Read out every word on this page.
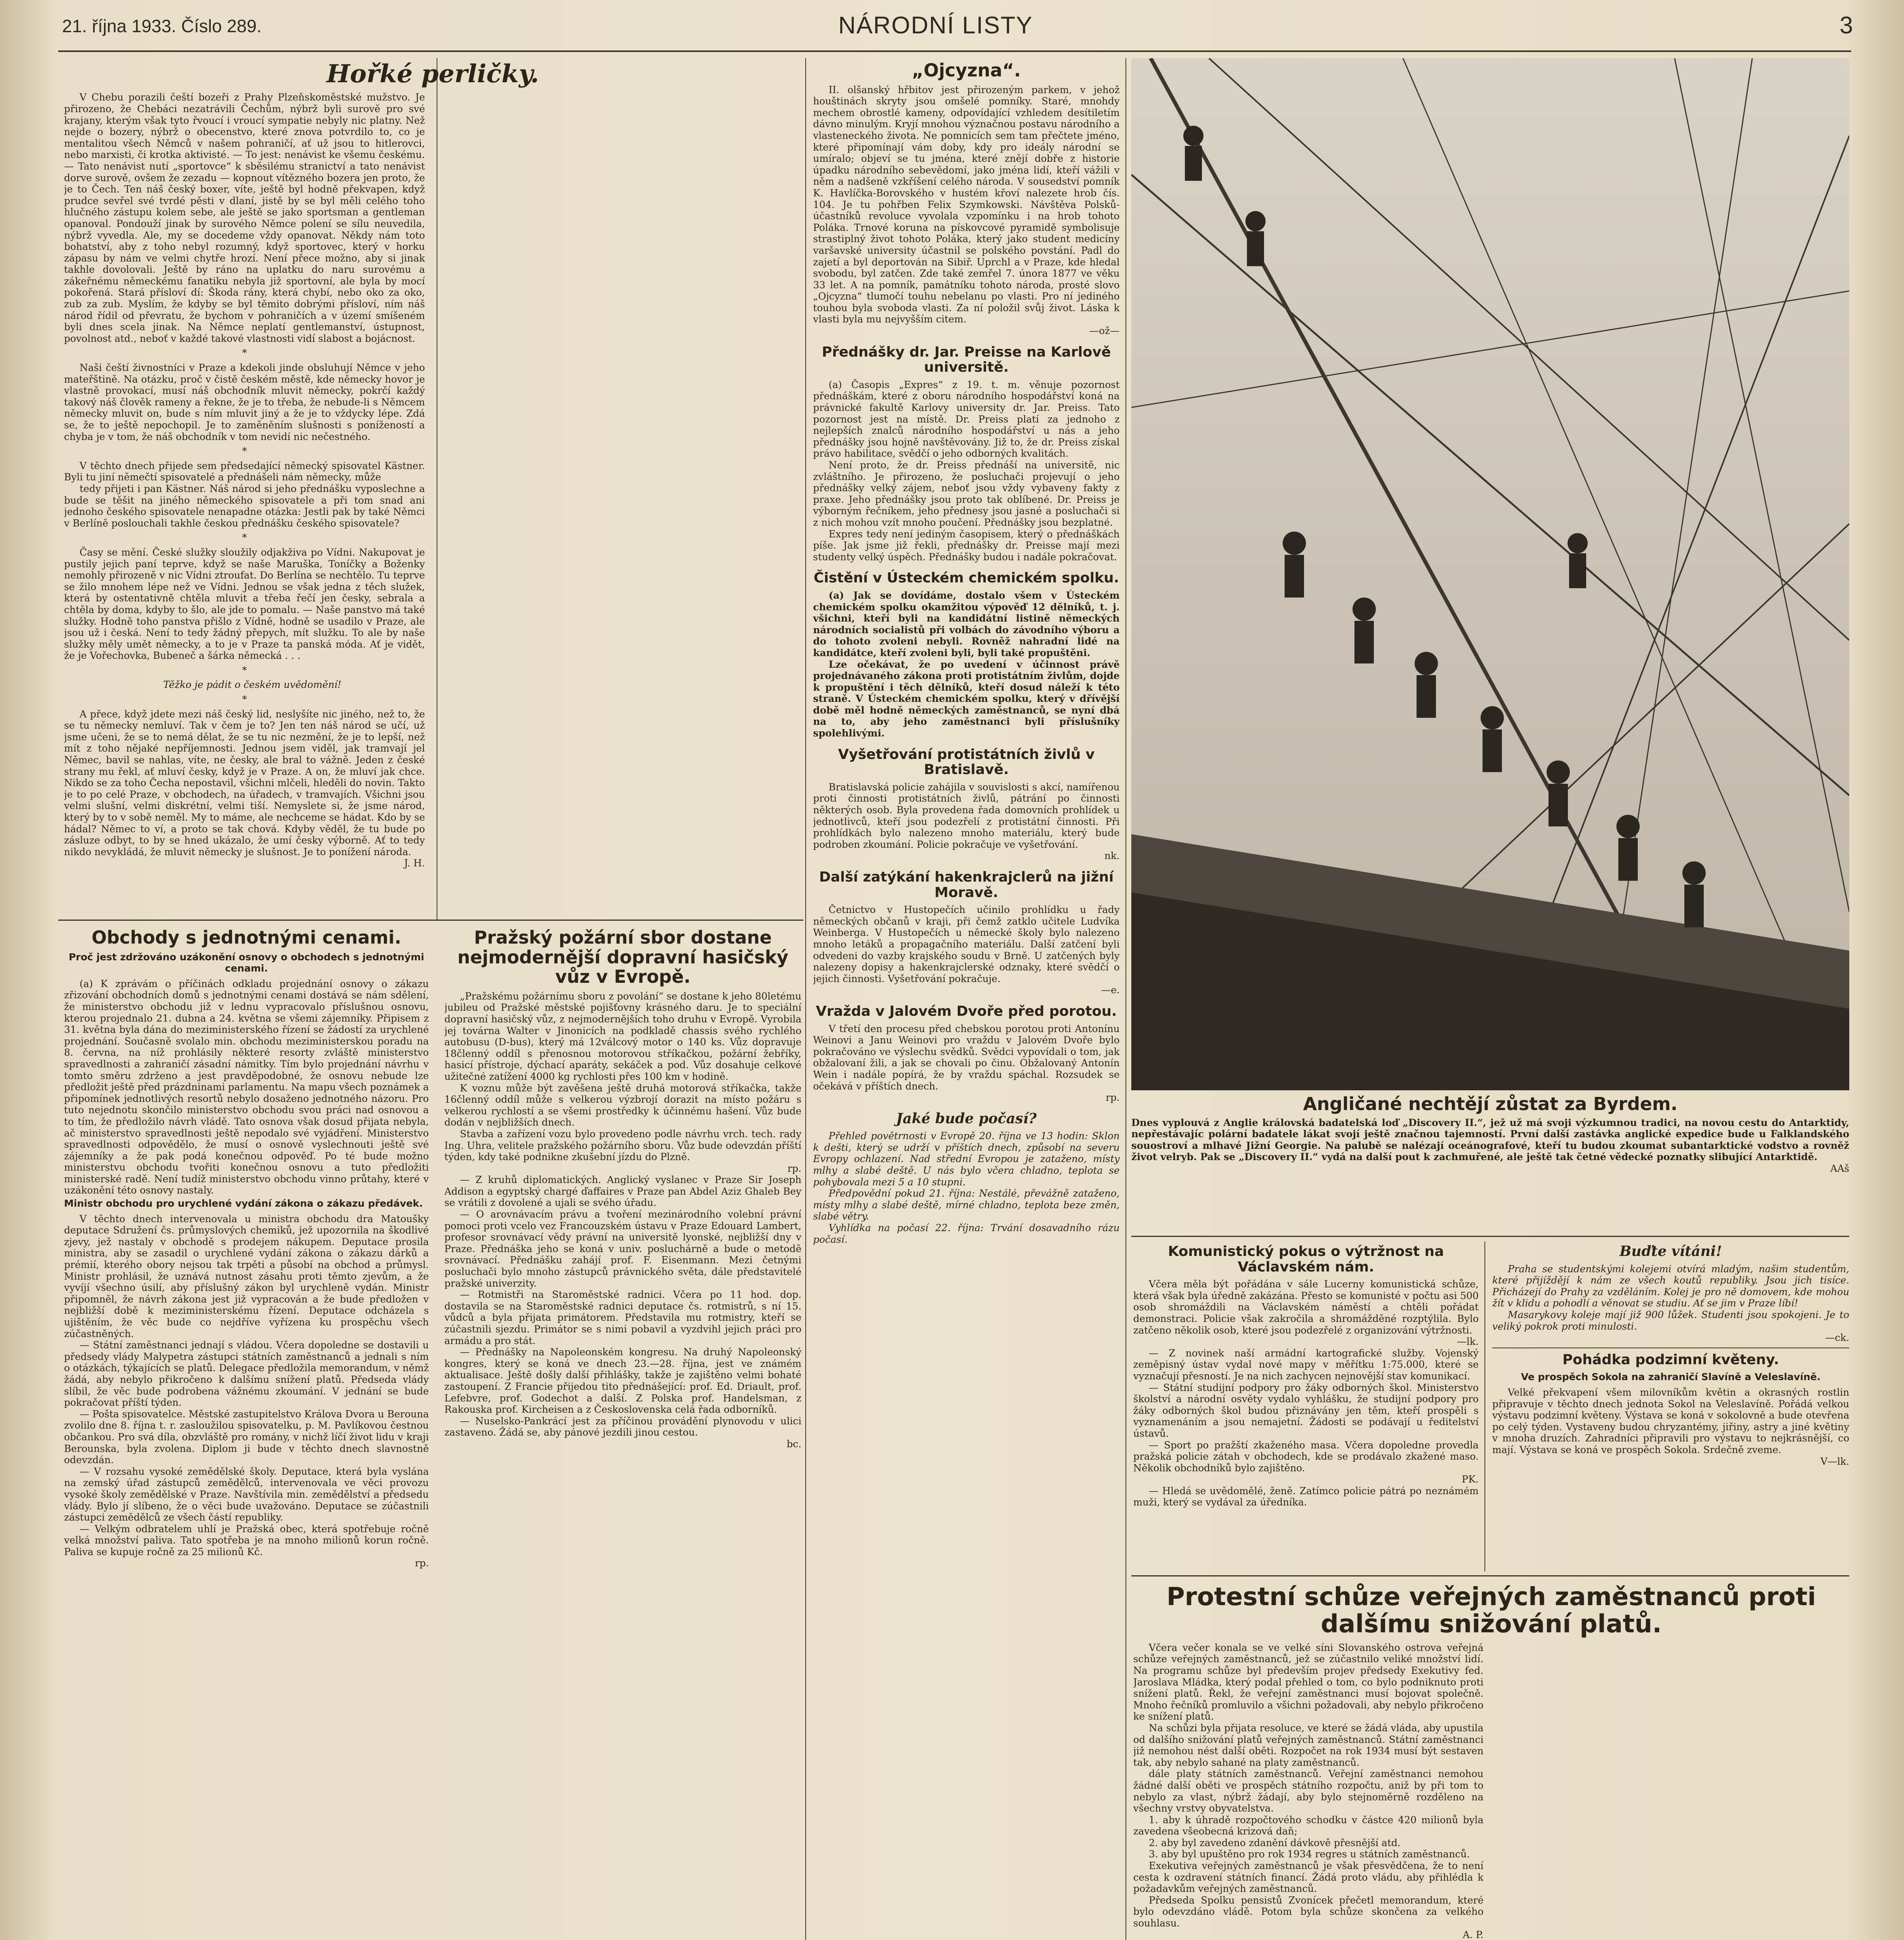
21. října 1933. Číslo 289.	NÁRODNÍ LISTY	3
Hořké perličky.

V Chebu porazili čeští bozeři z Prahy Plzeňskoměstské mužstvo. Je přirozeno, že Chebáci nezatrávili Čechům, nýbrž byli surově pro své krajany, kterým však tyto řvoucí i vroucí sympatie nebyly nic platny. Než nejde o bozery, nýbrž o obecenstvo, které znova potvrdilo to, co je mentalitou všech Němců v našem pohraničí, ať už jsou to hitlerovci, nebo marxisti, či krotka aktivisté. — To jest: nenávist ke všemu českému. — Tato nenávist nutí „sportovce“ k sběsilému stranictví a tato nenávist dorve surově, ovšem že zezadu — kopnout vítězného bozera jen proto, že je to Čech. Ten náš český boxer, víte, ještě byl hodně překvapen, když prudce sevřel své tvrdé pěsti v dlaní, jistě by se byl měli celého toho hlučného zástupu kolem sebe, ale ještě se jako sportsman a gentleman opanoval. Pondouží jinak by surového Němce polení se sílu neuvedila, nýbrž vyvedla. Ale, my se docedeme vždy opanovat. Někdy nám toto bohatství, aby z toho nebyl rozumný, když sportovec, který v horku zápasu by nám ve velmi chytře hrozí. Není přece možno, aby si jinak takhle dovolovali. Ještě by ráno na uplatku do naru surovému a zákeřnému německému fanatiku nebyla již sportovní, ale byla by mocí pokořená. Stará přísloví dí: Škoda rány, která chybí, nebo oko za oko, zub za zub. Myslím, že kdyby se byl těmito dobrými přísloví, ním náš národ řídil od převratu, že bychom v pohraničích a v území smíšeném byli dnes scela jinak. Na Němce neplatí gentlemanství, ústupnost, povolnost atd., neboť v každé takové vlastnosti vidí slabost a bojácnost.

*

Naši čeští živnostníci v Praze a kdekoli jinde obsluhují Němce v jeho mateřštině. Na otázku, proč v čistě českém městě, kde německy hovor je vlastně provokací, musí náš obchodník mluvit německy, pokrčí každý takový náš člověk rameny a řekne, že je to třeba, že nebude-li s Němcem německy mluvit on, bude s ním mluvit jiný a že je to vždycky lépe. Zdá se, že to ještě nepochopil. Je to zaměněním slušnosti s ponížeností a chyba je v tom, že náš obchodník v tom nevidí nic nečestného.

*

V těchto dnech přijede sem předsedající německý spisovatel Kästner. Byli tu jiní němečtí spisovatelé a přednášeli nám německy, může

tedy přijeti i pan Kästner. Náš národ si jeho přednášku vyposlechne a bude se těšit na jiného německého spisovatele a při tom snad ani jednoho českého spisovatele nenapadne otázka: Jestli pak by také Němci v Berlíně poslouchali takhle českou přednášku českého spisovatele?

*

Časy se mění. České služky sloužily odjakživa po Vídni. Nakupovat je pustily jejich paní teprve, když se naše Maruška, Toníčky a Boženky nemohly přirozeně v nic Vídni ztroufat. Do Berlína se nechtělo. Tu teprve se žilo mnohem lépe než ve Vídni. Jednou se však jedna z těch služek, která by ostentativně chtěla mluvit a třeba řečí jen česky, sebrala a chtěla by doma, kdyby to šlo, ale jde to pomalu. — Naše panstvo má také služky. Hodně toho panstva přišlo z Vídně, hodně se usadilo v Praze, ale jsou už i česká. Není to tedy žádný přepych, mít služku. To ale by naše služky měly umět německy, a to je v Praze ta panská móda. Ať je vidět, že je Vořechovka, Bubeneč a šárka německá . . .

*

Těžko je pádit o českém uvědomění!

*

A přece, když jdete mezi náš český lid, neslyšíte nic jiného, než to, že se tu německy nemluví. Tak v čem je to? Jen ten náš národ se učí, už jsme učeni, že se to nemá dělat, že se tu nic nezmění, že je to lepší, než mít z toho nějaké nepříjemnosti. Jednou jsem viděl, jak tramvají jel Němec, bavil se nahlas, víte, ne česky, ale bral to vážně. Jeden z české strany mu řekl, ať mluví česky, když je v Praze. A on, že mluví jak chce. Nikdo se za toho Čecha nepostavil, všichni mlčeli, hleděli do novin. Takto je to po celé Praze, v obchodech, na úřadech, v tramvajích. Všichni jsou velmi slušní, velmi diskrétní, velmi tiší. Nemyslete si, že jsme národ, který by to v sobě neměl. My to máme, ale nechceme se hádat. Kdo by se hádal? Němec to ví, a proto se tak chová. Kdyby věděl, že tu bude po zásluze odbyt, to by se hned ukázalo, že umí česky výborně. Ať to tedy nikdo nevykládá, že mluvit německy je slušnost. Je to ponížení národa.

J. H.
Obchody s jednotnými cenami.
Proč jest zdržováno uzákonění osnovy o obchodech s jednotnými cenami.

(a) K zprávám o příčinách odkladu projednání osnovy o zákazu zřizování obchodních domů s jednotnými cenami dostává se nám sdělení, že ministerstvo obchodu již v lednu vypracovalo příslušnou osnovu, kterou projednalo 21. dubna a 24. května se všemi zájemníky. Připisem z 31. května byla dána do meziministerského řízení se žádostí za urychlené projednání. Současně svolalo min. obchodu meziministerskou poradu na 8. června, na níž prohlásily některé resorty zvláště ministerstvo spravedlnosti a zahraničí zásadní námitky. Tím bylo projednání návrhu v tomto směru zdrženo a jest pravděpodobné, že osnovu nebude lze předložit ještě před prázdninami parlamentu. Na mapu všech poznámek a připomínek jednotlivých resortů nebylo dosaženo jednotného názoru. Pro tuto nejednotu skončilo ministerstvo obchodu svou práci nad osnovou a to tím, že předložilo návrh vládě. Tato osnova však dosud přijata nebyla, ač ministerstvo spravedlnosti ještě nepodalo své vyjádření. Ministerstvo spravedlnosti odpovědělo, že musí o osnově vyslechnouti ještě své zájemníky a že pak podá konečnou odpověď. Po té bude možno ministerstvu obchodu tvořiti konečnou osnovu a tuto předložiti ministerské radě. Není tudíž ministerstvo obchodu vinno průtahy, které v uzákonění této osnovy nastaly.

Ministr obchodu pro urychlené vydání zákona o zákazu předávek.

V těchto dnech intervenovala u ministra obchodu dra Matoušky deputace Sdružení čs. průmyslových chemiků, jež upozornila na škodlivé zjevy, jež nastaly v obchodě s prodejem nákupem. Deputace prosila ministra, aby se zasadil o urychlené vydání zákona o zákazu dárků a prémií, kterého obory nejsou tak trpěti a působí na obchod a průmysl. Ministr prohlásil, že uznává nutnost zásahu proti těmto zjevům, a že vyvíjí všechno úsilí, aby příslušný zákon byl urychleně vydán. Ministr připomněl, že návrh zákona jest již vypracován a že bude předložen v nejbližší době k meziministerskému řízení. Deputace odcházela s ujištěním, že věc bude co nejdříve vyřízena ku prospěchu všech zúčastněných.

— Státní zaměstnanci jednají s vládou. Včera dopoledne se dostavili u předsedy vlády Malypetra zástupci státních zaměstnanců a jednali s ním o otázkách, týkajících se platů. Delegace předložila memorandum, v němž žádá, aby nebylo přikročeno k dalšímu snížení platů. Předseda vlády slíbil, že věc bude podrobena vážnému zkoumání. V jednání se bude pokračovat příští týden.

— Pošta spisovatelce. Městské zastupitelstvo Králova Dvora u Berouna zvolilo dne 8. října t. r. zasloužilou spisovatelku, p. M. Pavlíkovou čestnou občankou. Pro svá díla, obzvláště pro romány, v nichž líčí život lidu v kraji Berounska, byla zvolena. Diplom ji bude v těchto dnech slavnostně odevzdán.

— V rozsahu vysoké zemědělské školy. Deputace, která byla vyslána na zemský úřad zástupců zemědělců, intervenovala ve věci provozu vysoké školy zemědělské v Praze. Navštívila min. zemědělství a předsedu vlády. Bylo jí slíbeno, že o věci bude uvažováno. Deputace se zúčastnili zástupci zemědělců ze všech částí republiky.

— Velkým odbratelem uhlí je Pražská obec, která spotřebuje ročně velká množství paliva. Tato spotřeba je na mnoho milionů korun ročně. Paliva se kupuje ročně za 25 milionů Kč.

rp.

Pražský požární sbor dostane nejmodernější dopravní hasičský vůz v Evropě.

„Pražskému požárnímu sboru z povolání“ se dostane k jeho 80letému jubileu od Pražské městské pojišťovny krásného daru. Je to speciální dopravní hasičský vůz, z nejmodernějších toho druhu v Evropě. Vyrobila jej továrna Walter v Jinonicích na podkladě chassis svého rychlého autobusu (D-bus), který má 12válcový motor o 140 ks. Vůz dopravuje 18členný oddíl s přenosnou motorovou stříkačkou, požární žebříky, hasicí přístroje, dýchací aparáty, sekáček a pod. Vůz dosahuje celkové užitečné zatížení 4000 kg rychlosti přes 100 km v hodině.

K voznu může být zavěšena ještě druhá motorová stříkačka, takže 16členný oddíl může s velkerou výzbrojí dorazit na místo požáru s velkerou rychlostí a se všemi prostředky k účinnému hašení. Vůz bude dodán v nejbližších dnech.

Stavba a zařízení vozu bylo provedeno podle návrhu vrch. tech. rady Ing. Uhra, velitele pražského požárního sboru. Vůz bude odevzdán příští týden, kdy také podnikne zkušební jízdu do Plzně.

rp.

— Z kruhů diplomatických. Anglický vyslanec v Praze Sir Joseph Addison a egyptský chargé ďaffaires v Praze pan Abdel Aziz Ghaleb Bey se vrátili z dovolené a ujali se svého úřadu.

— O arovnávacím právu a tvoření mezinárodního volební právní pomoci proti vcelo vez Francouzském ústavu v Praze Edouard Lambert, profesor srovnávací vědy právní na universitě lyonské, nejbližší dny v Praze. Přednáška jeho se koná v univ. posluchárně a bude o metodě srovnávací. Přednášku zahájí prof. F. Eisenmann. Mezi četnými posluchači bylo mnoho zástupců právnického světa, dále představitelé pražské univerzity.

— Rotmistři na Staroměstské radnici. Včera po 11 hod. dop. dostavila se na Staroměstské radnici deputace čs. rotmistrů, s ní 15. vůdců a byla přijata primátorem. Představila mu rotmistry, kteří se zúčastnili sjezdu. Primátor se s nimi pobavil a vyzdvihl jejich práci pro armádu a pro stát.

— Přednášky na Napoleonském kongresu. Na druhý Napoleonský kongres, který se koná ve dnech 23.—28. října, jest ve známém aktualisace. Ještě došly další přihlášky, takže je zajištěno velmi bohaté zastoupení. Z Francie přijedou tito přednášející: prof. Ed. Driault, prof. Lefebvre, prof. Godechot a další. Z Polska prof. Handelsman, z Rakouska prof. Kircheisen a z Československa celá řada odborníků.

— Nuselsko-Pankrácí jest za příčinou provádění plynovodu v ulici zastaveno. Žádá se, aby pánové jezdili jinou cestou.

bc.
„Ojcyzna“.

II. olšanský hřbitov jest přirozeným parkem, v jehož houštinách skryty jsou omšelé pomníky. Staré, mnohdy mechem obrostlé kameny, odpovídající vzhledem desítiletím dávno minulým. Kryjí mnohou význačnou postavu národního a vlasteneckého života. Ne pomnicích sem tam přečtete jméno, které připomínají vám doby, kdy pro ideály národní se umíralo; objeví se tu jména, které znějí dobře z historie úpadku národního sebevědomí, jako jména lidí, kteří vážili v něm a nadšeně vzkříšení celého národa. V sousedství pomník K. Havlíčka-Borovského v hustém křoví nalezete hrob čís. 104. Je tu pohřben Felix Szymkowski. Návštěva Polsků-účastníků revoluce vyvolala vzpomínku i na hrob tohoto Poláka. Trnové koruna na pískovcové pyramidě symbolisuje strastiplný život tohoto Poláka, který jako student medicíny varšavské university účastnil se polského povstání. Padl do zajetí a byl deportován na Sibiř. Uprchl a v Praze, kde hledal svobodu, byl zatčen. Zde také zemřel 7. února 1877 ve věku 33 let. A na pomník, památníku tohoto národa, prosté slovo „Ojcyzna“ tlumočí touhu nebelanu po vlasti. Pro ní jediného touhou byla svoboda vlasti. Za ní položil svůj život. Láska k vlasti byla mu nejvyšším citem.

—ož—
Přednášky dr. Jar. Preisse na Karlově universitě.

(a) Časopis „Expres“ z 19. t. m. věnuje pozornost přednáškám, které z oboru národního hospodářství koná na právnické fakultě Karlovy university dr. Jar. Preiss. Tato pozornost jest na místě. Dr. Preiss platí za jednoho z nejlepších znalců národního hospodářství u nás a jeho přednášky jsou hojně navštěvovány. Již to, že dr. Preiss získal právo habilitace, svědčí o jeho odborných kvalitách.

Není proto, že dr. Preiss přednáší na universitě, nic zvláštního. Je přirozeno, že posluchači projevují o jeho přednášky velký zájem, neboť jsou vždy vybaveny fakty z praxe. Jeho přednášky jsou proto tak oblíbené. Dr. Preiss je výborným řečníkem, jeho přednesy jsou jasné a posluchači si z nich mohou vzít mnoho poučení. Přednášky jsou bezplatné.

Expres tedy není jediným časopisem, který o přednáškách píše. Jak jsme již řekli, přednášky dr. Preisse mají mezi studenty velký úspěch. Přednášky budou i nadále pokračovat.

Čistění v Ústeckém chemickém spolku.

(a) Jak se dovídáme, dostalo všem v Ústeckém chemickém spolku okamžitou výpověď 12 dělníků, t. j. všichni, kteří byli na kandidátní listině německých národních socialistů při volbách do závodního výboru a do tohoto zvoleni nebyli. Rovněž nahradní lidé na kandidátce, kteří zvoleni byli, byli také propuštěni.

Lze očekávat, že po uvedení v účinnost právě projednávaného zákona proti protistátním živlům, dojde k propuštění i těch dělníků, kteří dosud náleží k této straně. V Ústeckém chemickém spolku, který v dřívější době měl hodně německých zaměstnanců, se nyní dbá na to, aby jeho zaměstnanci byli příslušníky spolehlivými.

Vyšetřování protistátních živlů v Bratislavě.

Bratislavská policie zahájila v souvislosti s akcí, namířenou proti činnosti protistátních živlů, pátrání po činnosti některých osob. Byla provedena řada domovních prohlídek u jednotlivců, kteří jsou podezřelí z protistátní činnosti. Při prohlídkách bylo nalezeno mnoho materiálu, který bude podroben zkoumání. Policie pokračuje ve vyšetřování.

nk.
Další zatýkání hakenkrajclerů na jižní Moravě.

Četnictvo v Hustopečích učinilo prohlídku u řady německých občanů v kraji, při čemž zatklo učitele Ludvíka Weinberga. V Hustopečích u německé školy bylo nalezeno mnoho letáků a propagačního materiálu. Další zatčení byli odvedeni do vazby krajského soudu v Brně. U zatčených byly nalezeny dopisy a hakenkrajclerské odznaky, které svědčí o jejich činnosti. Vyšetřování pokračuje.

—e.
Vražda v Jalovém Dvoře před porotou.

V třetí den procesu před chebskou porotou proti Antonínu Weinovi a Janu Weinovi pro vraždu v Jalovém Dvoře bylo pokračováno ve výslechu svědků. Svědci vypovídali o tom, jak obžalovaní žili, a jak se chovali po činu. Obžalovaný Antonín Wein i nadále popírá, že by vraždu spáchal. Rozsudek se očekává v příštích dnech.

rp.
Jaké bude počasí?

Přehled povětrnosti v Evropě 20. října ve 13 hodin: Sklon k dešti, který se udrží v příštích dnech, způsobí na severu Evropy ochlazení. Nad střední Evropou je zataženo, místy mlhy a slabé deště. U nás bylo včera chladno, teplota se pohybovala mezi 5 a 10 stupni.

Předpovědní pokud 21. října: Nestálé, převážně zataženo, místy mlhy a slabé deště, mírné chladno, teplota beze změn, slabé větry.

Vyhlídka na počasí 22. října: Trvání dosavadního rázu počasí.

Angličané nechtějí zůstat za Byrdem.
Dnes vyplouvá z Anglie královská badatelská loď „Discovery II.“, jež už má svoji výzkumnou tradici, na novou cestu do Antarktidy, nepřestávajíc polární badatele lákat svojí ještě značnou tajemností. První další zastávka anglické expedice bude u Falklandského souostroví a mlhavé Jižní Georgie. Na palubě se nalézají oceánografové, kteří tu budou zkoumat subantarktické vodstvo a rovněž život velryb. Pak se „Discovery II.“ vydá na další pout k zachmuřené, ale ještě tak četné vědecké poznatky slibující Antarktidě.
AAš
Komunistický pokus o výtržnost na Václavském nám.

Včera měla být pořádána v sále Lucerny komunistická schůze, která však byla úředně zakázána. Přesto se komunisté v počtu asi 500 osob shromáždili na Václavském náměstí a chtěli pořádat demonstraci. Policie však zakročila a shromážděné rozptýlila. Bylo zatčeno několik osob, které jsou podezřelé z organizování výtržnosti.

—lk.

— Z novinek naší armádní kartografické služby. Vojenský zeměpisný ústav vydal nové mapy v měřítku 1:75.000, které se vyznačují přesností. Je na nich zachycen nejnovější stav komunikací.

— Státní studijní podpory pro žáky odborných škol. Ministerstvo školství a národní osvěty vydalo vyhlášku, že studijní podpory pro žáky odborných škol budou přiznávány jen těm, kteří prospěli s vyznamenáním a jsou nemajetní. Žádosti se podávají u ředitelství ústavů.

— Sport po pražští zkaženého masa. Včera dopoledne provedla pražská policie zátah v obchodech, kde se prodávalo zkažené maso. Několik obchodníků bylo zajištěno.

PK.

— Hledá se uvědomělé, ženě. Zatímco policie pátrá po neznámém muži, který se vydával za úředníka.

Buďte vítáni!

Praha se studentskými kolejemi otvírá mladým, našim studentům, které přijíždějí k nám ze všech koutů republiky. Jsou jich tisíce. Přicházejí do Prahy za vzděláním. Kolej je pro ně domovem, kde mohou žít v klidu a pohodlí a věnovat se studiu. Ať se jim v Praze líbí!

Masarykovy koleje mají již 900 lůžek. Studenti jsou spokojeni. Je to veliký pokrok proti minulosti.

—ck.
Pohádka podzimní květeny.
Ve prospěch Sokola na zahraničí Slavíně a Veleslavíně.

Velké překvapení všem milovníkům květin a okrasných rostlin připravuje v těchto dnech jednota Sokol na Veleslavíně. Pořádá velkou výstavu podzimní květeny. Výstava se koná v sokolovně a bude otevřena po celý týden. Vystaveny budou chryzantémy, jiřiny, astry a jiné květiny v mnoha druzích. Zahradníci připravili pro výstavu to nejkrásnější, co mají. Výstava se koná ve prospěch Sokola. Srdečně zveme.

V—lk.
Protestní schůze veřejných zaměstnanců proti dalšímu snižování platů.

Včera večer konala se ve velké síni Slovanského ostrova veřejná schůze veřejných zaměstnanců, jež se zúčastnilo veliké množství lidí. Na programu schůze byl především projev předsedy Exekutivy fed. Jaroslava Mládka, který podal přehled o tom, co bylo podniknuto proti snížení platů. Řekl, že veřejní zaměstnanci musí bojovat společně. Mnoho řečníků promluvilo a všichni požadovali, aby nebylo přikročeno ke snížení platů.

Na schůzi byla přijata resoluce, ve které se žádá vláda, aby upustila od dalšího snižování platů veřejných zaměstnanců. Státní zaměstnanci již nemohou nést další oběti. Rozpočet na rok 1934 musí být sestaven tak, aby nebylo sahané na platy zaměstnanců.

dále platy státních zaměstnanců. Veřejní zaměstnanci nemohou žádné další oběti ve prospěch státního rozpočtu, aniž by při tom to nebylo za vlast, nýbrž žádají, aby bylo stejnoměrně rozděleno na všechny vrstvy obyvatelstva.

1. aby k úhradě rozpočtového schodku v částce 420 milionů byla zavedena všeobecná krizová daň;

2. aby byl zavedeno zdanění dávkově přesnější atd.

3. aby byl upuštěno pro rok 1934 regres u státních zaměstnanců.

Exekutiva veřejných zaměstnanců je však přesvědčena, že to není cesta k ozdravení státních financí. Žádá proto vládu, aby přihlédla k požadavkům veřejných zaměstnanců.

Předseda Spolku pensistů Zvonícek přečetl memorandum, které bylo odevzdáno vládě. Potom byla schůze skončena za velkého souhlasu.

A. P.
